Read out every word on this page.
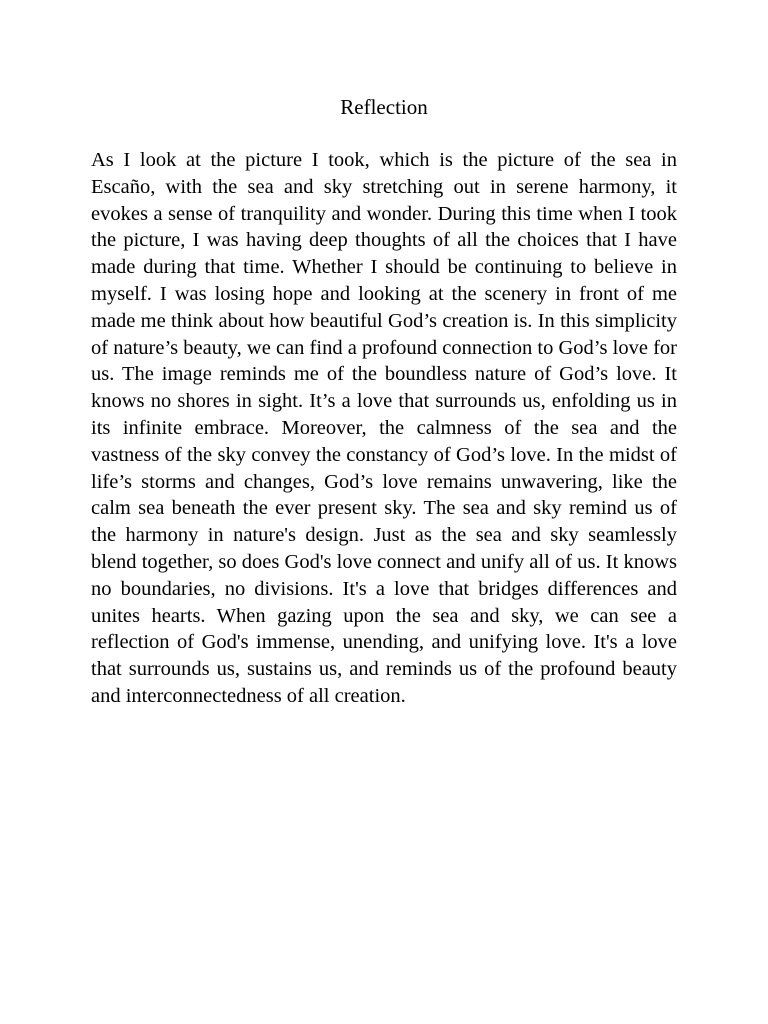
Reflection

As I look at the picture I took, which is the picture of the sea in Escaño, with the sea and sky stretching out in serene harmony, it evokes a sense of tranquility and wonder. During this time when I took the picture, I was having deep thoughts of all the choices that I have made during that time. Whether I should be continuing to believe in myself. I was losing hope and looking at the scenery in front of me made me think about how beautiful God’s creation is. In this simplicity of nature’s beauty, we can find a profound connection to God’s love for us. The image reminds me of the boundless nature of God’s love. It knows no shores in sight. It’s a love that surrounds us, enfolding us in its infinite embrace. Moreover, the calmness of the sea and the vastness of the sky convey the constancy of God’s love. In the midst of life’s storms and changes, God’s love remains unwavering, like the calm sea beneath the ever present sky. The sea and sky remind us of the harmony in nature's design. Just as the sea and sky seamlessly blend together, so does God's love connect and unify all of us. It knows no boundaries, no divisions. It's a love that bridges differences and unites hearts. When gazing upon the sea and sky, we can see a reflection of God's immense, unending, and unifying love. It's a love that surrounds us, sustains us, and reminds us of the profound beauty and interconnectedness of all creation.
